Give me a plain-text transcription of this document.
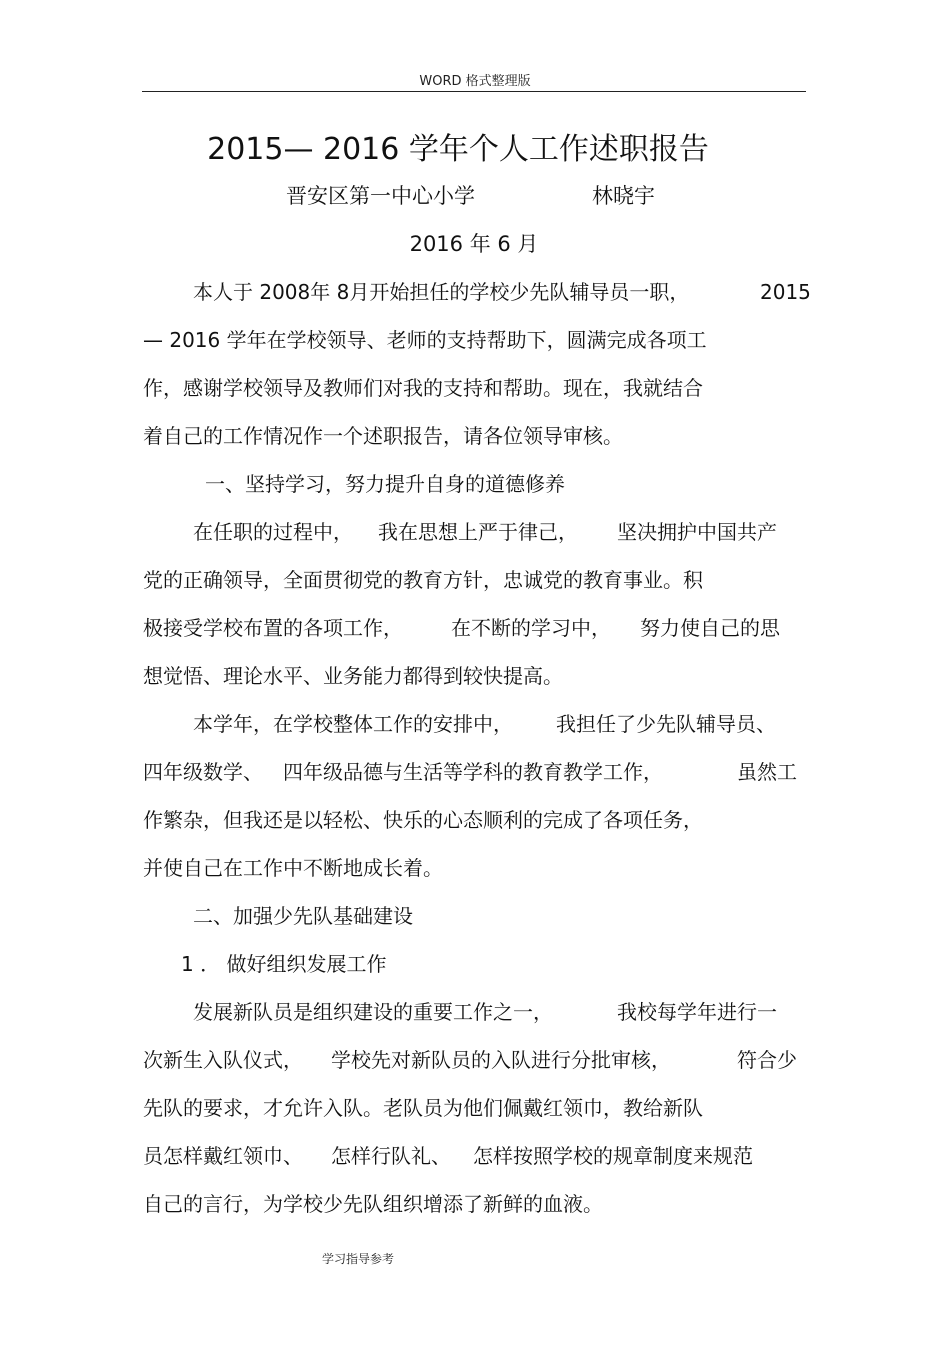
WORD 格式整理版
2015— 2016 学年个人工作述职报告
晋安区第一中心小学	林晓宇
2016 年 6 月
本人于 2008年 8月开始担任的学校少先队辅导员一职，	2015
— 2016 学年在学校领导、老师的支持帮助下，圆满完成各项工
作，感谢学校领导及教师们对我的支持和帮助。现在，我就结合
着自己的工作情况作一个述职报告，请各位领导审核。
一、坚持学习，努力提升自身的道德修养
在任职的过程中， 我在思想上严于律己， 坚决拥护中国共产
党的正确领导，全面贯彻党的教育方针，忠诚党的教育事业。积
极接受学校布置的各项工作， 在不断的学习中， 努力使自己的思
想觉悟、理论水平、业务能力都得到较快提高。
本学年，在学校整体工作的安排中， 我担任了少先队辅导员、
四年级数学、 四年级品德与生活等学科的教育教学工作，	虽然工
作繁杂，但我还是以轻松、快乐的心态顺利的完成了各项任务，
并使自己在工作中不断地成长着。
二、加强少先队基础建设
1 ． 做好组织发展工作
发展新队员是组织建设的重要工作之一，	我校每学年进行一
次新生入队仪式， 学校先对新队员的入队进行分批审核，	符合少
先队的要求，才允许入队。老队员为他们佩戴红领巾，教给新队
员怎样戴红领巾、 怎样行队礼、 怎样按照学校的规章制度来规范
自己的言行，为学校少先队组织增添了新鲜的血液。
学习指导参考
